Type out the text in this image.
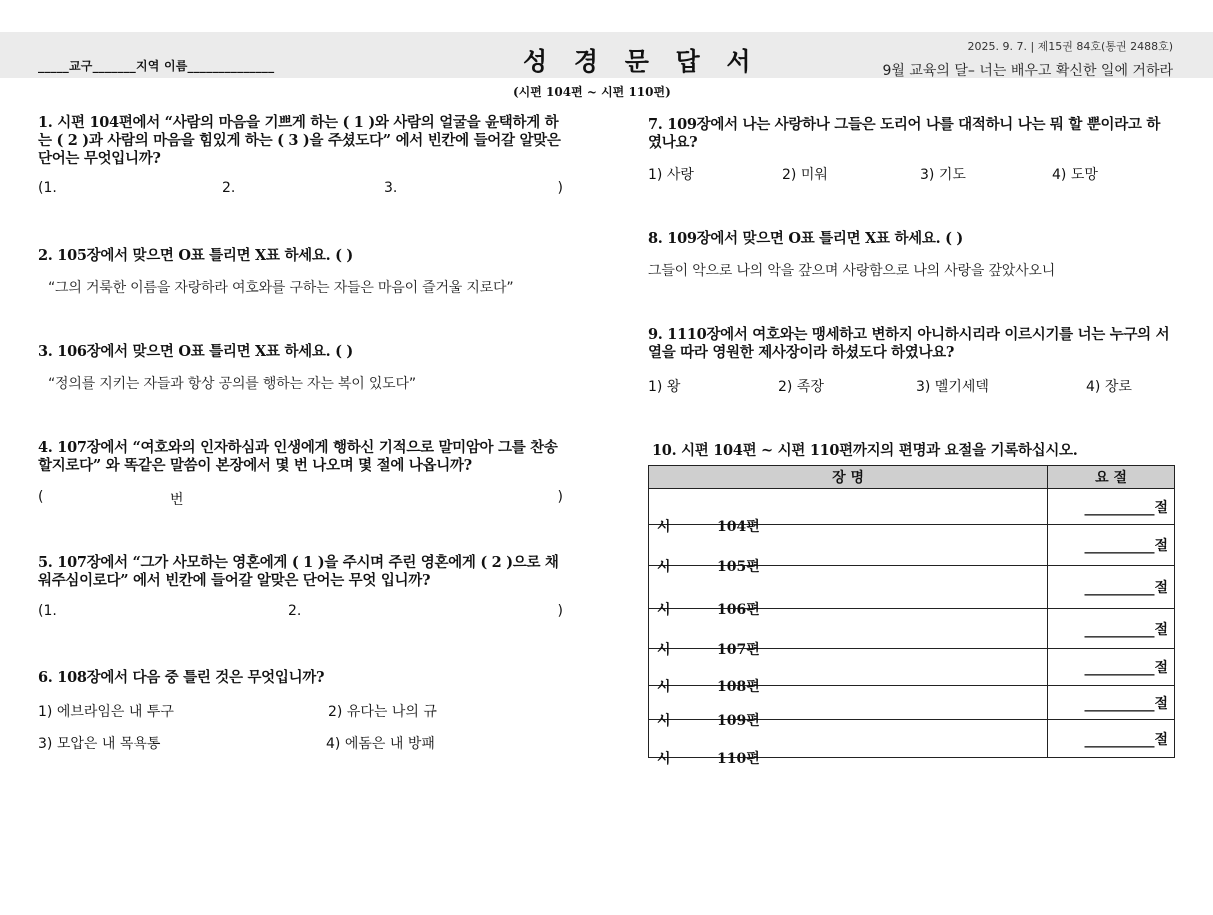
_____교구_______지역 이름______________	성 경 문 답 서
2025. 9. 7. | 제15권 84호(통권 2488호)
9월 교육의 달– 너는 배우고 확신한 일에 거하라
(시편 104편 ~ 시편 110편)

1. 시편 104편에서 “사람의 마음을 기쁘게 하는 ( 1 )와 사람의 얼굴을 윤택하게 하는 ( 2 )과 사람의 마음을 힘있게 하는 ( 3 )을 주셨도다” 에서 빈칸에 들어갈 알맞은 단어는 무엇입니까?

(1.	2.	3.	)

2. 105장에서 맞으면 O표 틀리면 X표 하세요. ( )

“그의 거룩한 이름을 자랑하라 여호와를 구하는 자들은 마음이 즐거울 지로다”

3. 106장에서 맞으면 O표 틀리면 X표 하세요. ( )

“정의를 지키는 자들과 항상 공의를 행하는 자는 복이 있도다”

4. 107장에서 “여호와의 인자하심과 인생에게 행하신 기적으로 말미암아 그를 찬송할지로다” 와 똑같은 말씀이 본장에서 몇 번 나오며 몇 절에 나옵니까?

(	번	)

5. 107장에서 “그가 사모하는 영혼에게 ( 1 )을 주시며 주린 영혼에게 ( 2 )으로 채워주심이로다” 에서 빈칸에 들어갈 알맞은 단어는 무엇 입니까?

(1.	2.	)

6. 108장에서 다음 중 틀린 것은 무엇입니까?

1) 에브라임은 내 투구	2) 유다는 나의 규
3) 모압은 내 목욕통	4) 에돔은 내 방패

7. 109장에서 나는 사랑하나 그들은 도리어 나를 대적하니 나는 뭐 할 뿐이라고 하였나요?

1) 사랑	2) 미워	3) 기도	4) 도망

8. 109장에서 맞으면 O표 틀리면 X표 하세요. ( )

그들이 악으로 나의 악을 갚으며 사랑함으로 나의 사랑을 갚았사오니

9. 1110장에서 여호와는 맹세하고 변하지 아니하시리라 이르시기를 너는 누구의 서열을 따라 영원한 제사장이라 하셨도다 하였나요?

1) 왕	2) 족장	3) 멜기세덱	4) 장로

10. 시편 104편 ~ 시편 110편까지의 편명과 요절을 기록하십시오.

장 명	요 절

시 104편	__________절

시 105편	__________절

시 106편	__________절

시 107편	__________절

시 108편	__________절

시 109편	__________절

시 110편	__________절
